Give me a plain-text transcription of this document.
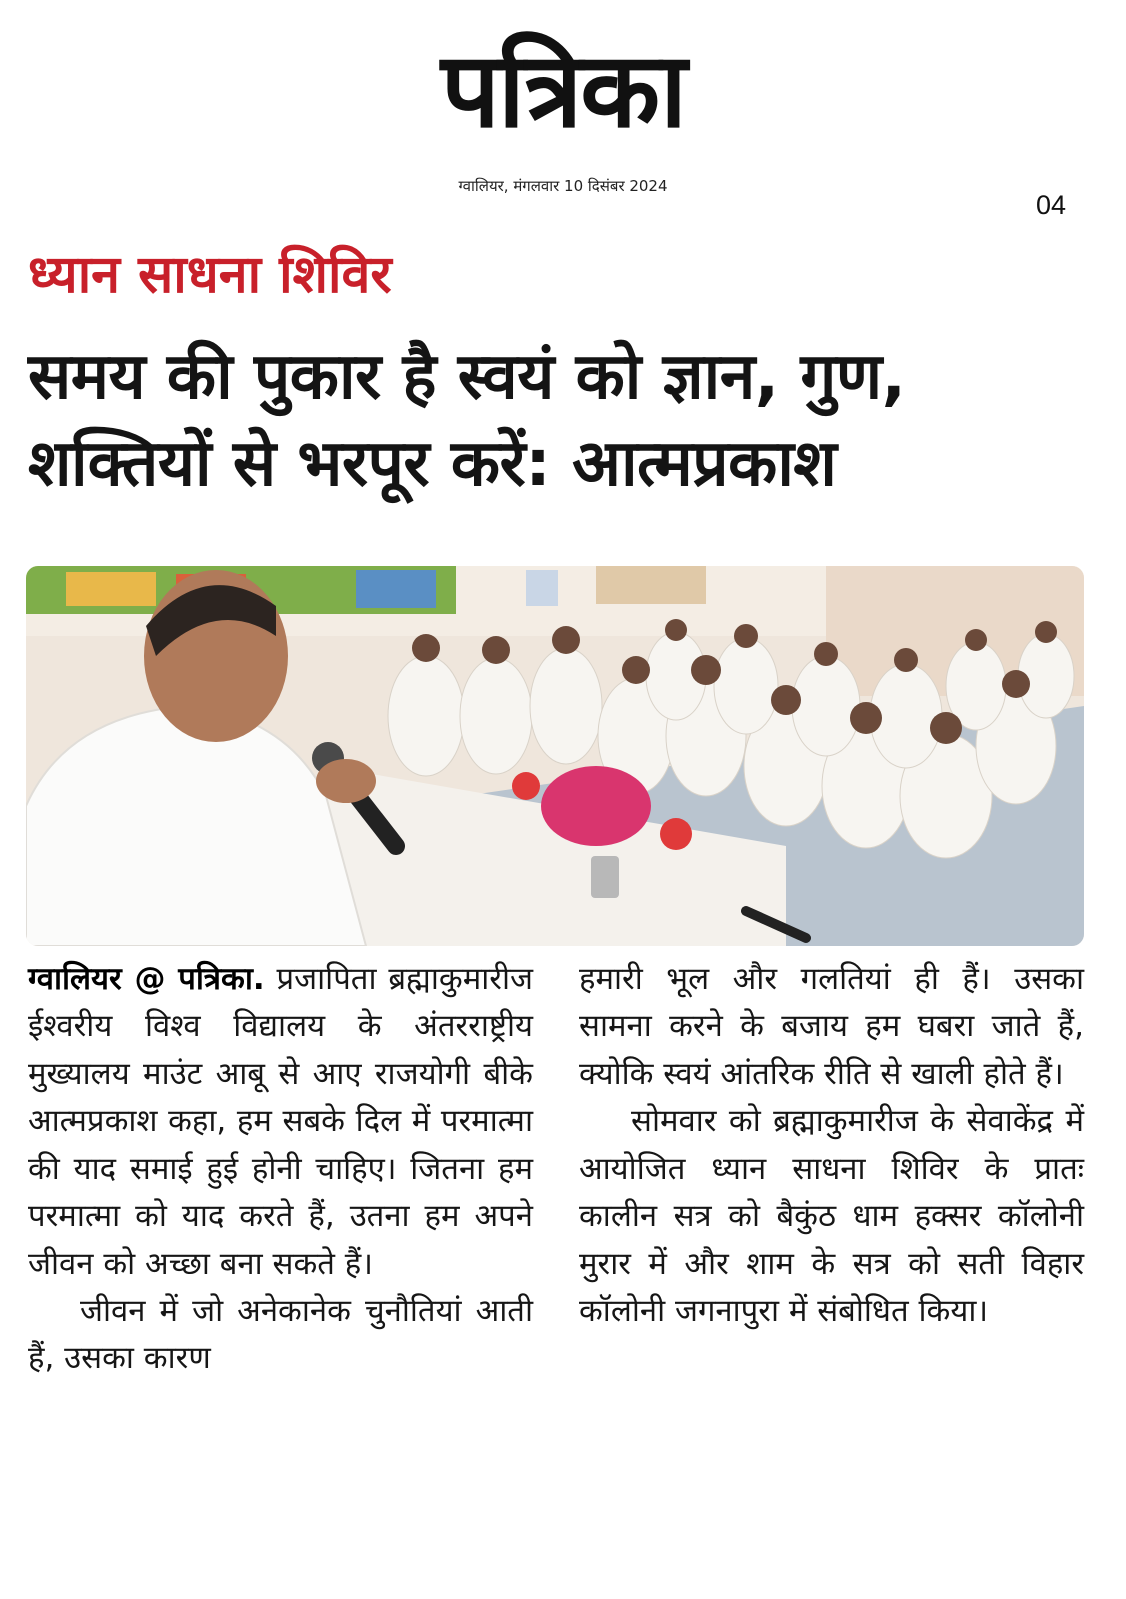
पत्रिका
ग्वालियर, मंगलवार 10 दिसंबर 2024
04
ध्यान साधना शिविर
समय की पुकार है स्वयं को ज्ञान, गुण, शक्तियों से भरपूर करें: आत्मप्रकाश

ग्वालियर @ पत्रिका. प्रजापिता ब्रह्माकुमारीज ईश्वरीय विश्व विद्यालय के अंतरराष्ट्रीय मुख्यालय माउंट आबू से आए राजयोगी बीके आत्मप्रकाश कहा, हम सबके दिल में परमात्मा की याद समाई हुई होनी चाहिए। जितना हम परमात्मा को याद करते हैं, उतना हम अपने जीवन को अच्छा बना सकते हैं।

जीवन में जो अनेकानेक चुनौतियां आती हैं, उसका कारण

हमारी भूल और गलतियां ही हैं। उसका सामना करने के बजाय हम घबरा जाते हैं, क्योकि स्वयं आंतरिक रीति से खाली होते हैं।

सोमवार को ब्रह्माकुमारीज के सेवाकेंद्र में आयोजित ध्यान साधना शिविर के प्रातः कालीन सत्र को बैकुंठ धाम हक्सर कॉलोनी मुरार में और शाम के सत्र को सती विहार कॉलोनी जगनापुरा में संबोधित किया।
